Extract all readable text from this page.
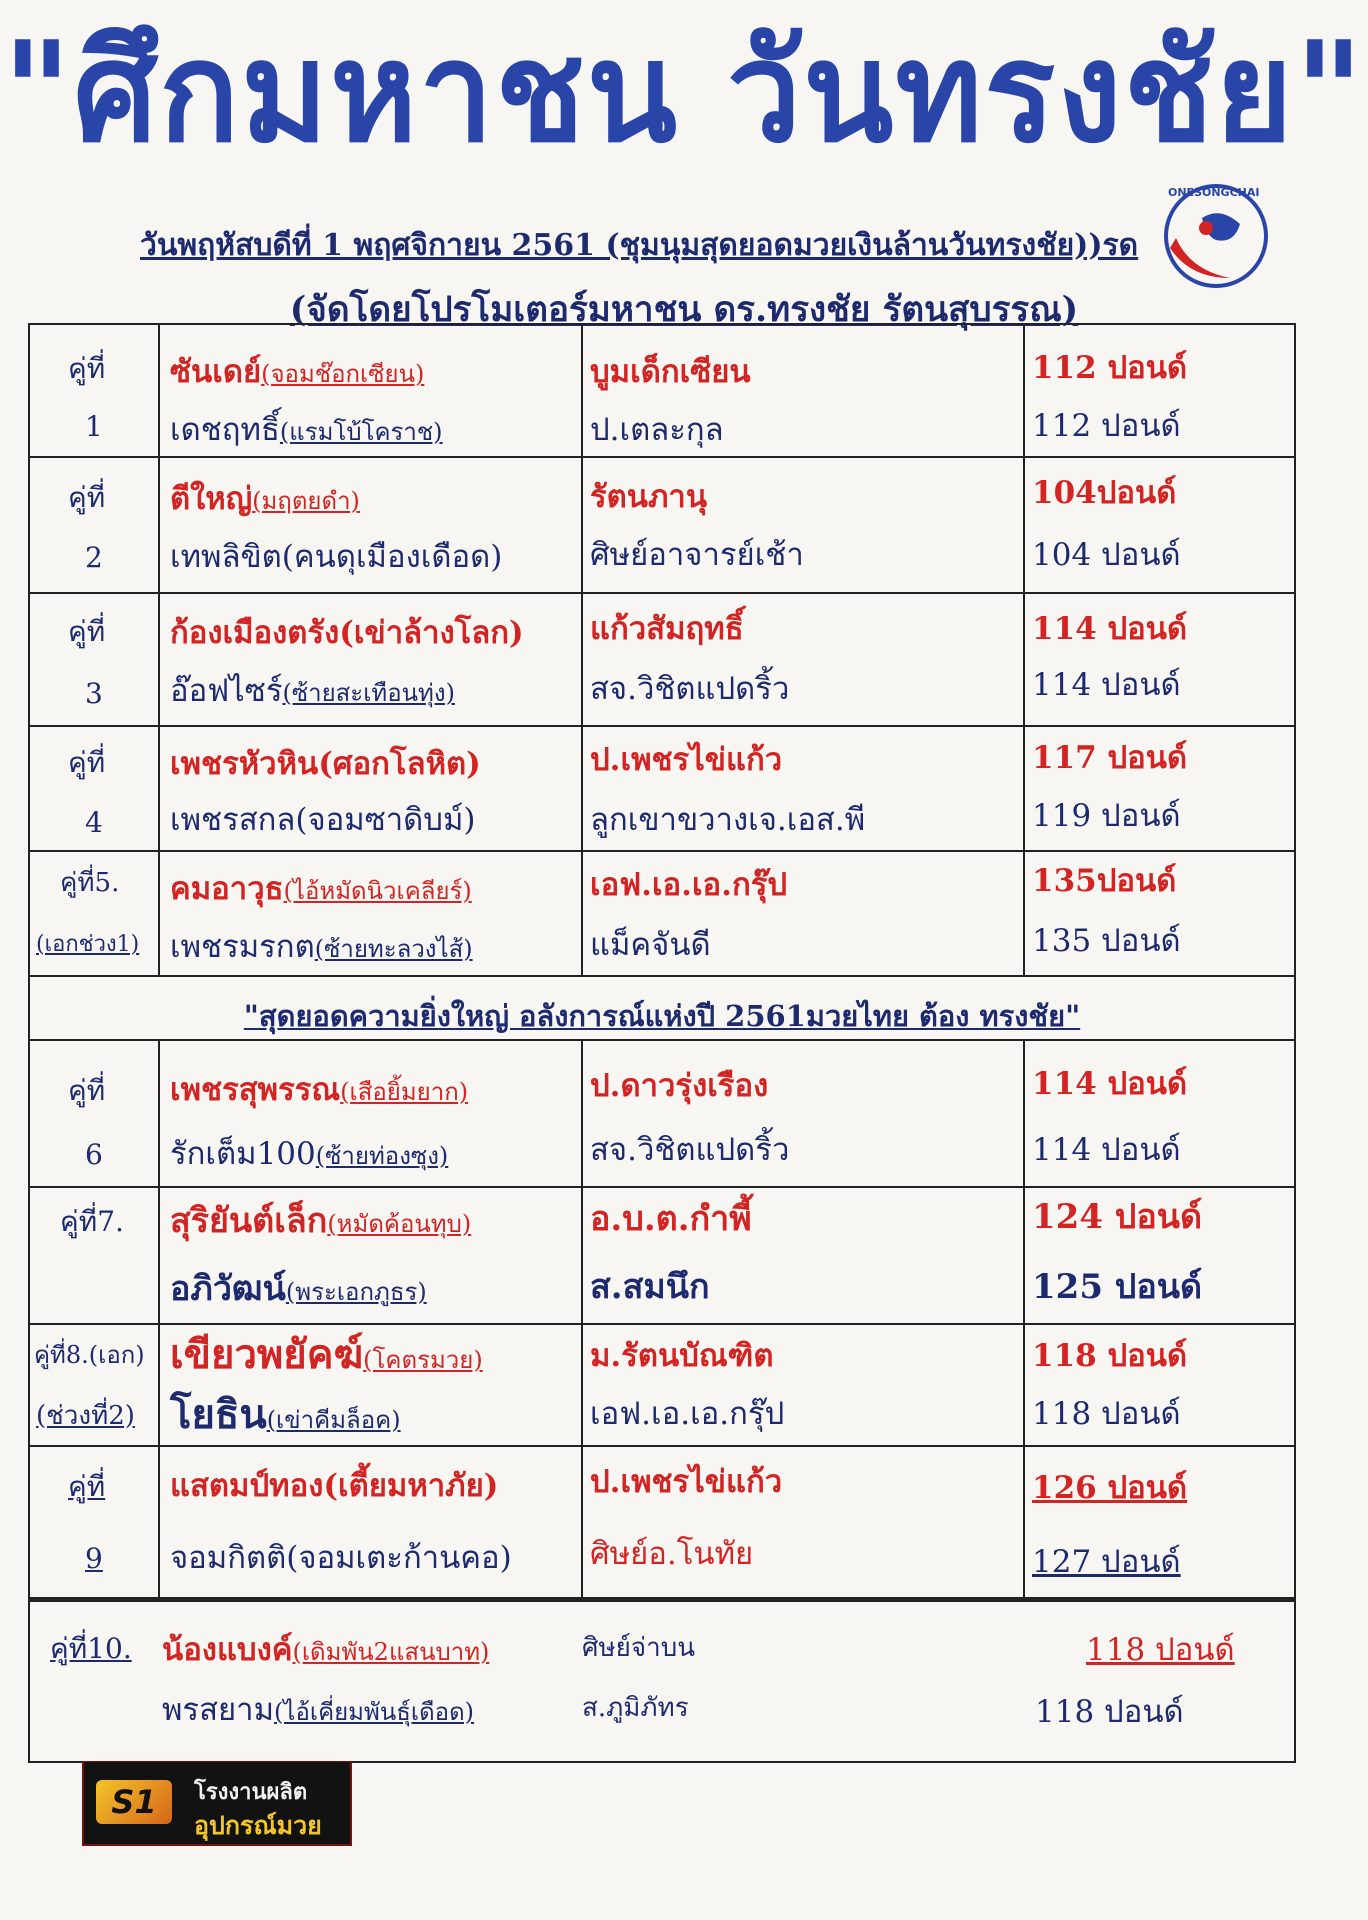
"ศึกมหาชน วันทรงชัย"
วันพฤหัสบดีที่ 1 พฤศจิกายน 2561 (ชุมนุมสุดยอดมวยเงินล้านวันทรงชัย))รด
ONESONGCHAI
(จัดโดยโปรโมเตอร์มหาชน ดร.ทรงชัย รัตนสุบรรณ)
คู่ที่
1
ซันเดย์(จอมช๊อกเซียน)
เดชฤทธิ์(แรมโบ้โคราช)
บูมเด็กเซียน
ป.เตละกุล
112 ปอนด์
112 ปอนด์
คู่ที่
2
ตีใหญ่(มฤตยดำ)
เทพลิขิต(คนดุเมืองเดือด)
รัตนภานุ
ศิษย์อาจารย์เช้า
104ปอนด์
104 ปอนด์
คู่ที่
3
ก้องเมืองตรัง(เข่าล้างโลก)
อ๊อฟไซร์(ซ้ายสะเทือนทุ่ง)
แก้วสัมฤทธิ์
สจ.วิชิตแปดริ้ว
114 ปอนด์
114 ปอนด์
คู่ที่
4
เพชรหัวหิน(ศอกโลหิต)
เพชรสกล(จอมซาดิบม์)
ป.เพชรไข่แก้ว
ลูกเขาขวางเจ.เอส.พี
117 ปอนด์
119 ปอนด์
คู่ที่5.
(เอกช่วง1)
คมอาวุธ(ไอ้หมัดนิวเคลียร์)
เพชรมรกต(ซ้ายทะลวงไส้)
เอฟ.เอ.เอ.กรุ๊ป
แม็คจันดี
135ปอนด์
135 ปอนด์
"สุดยอดความยิ่งใหญ่ อลังการณ์แห่งปี 2561มวยไทย ต้อง ทรงชัย"
คู่ที่
6
เพชรสุพรรณ(เสือยิ้มยาก)
รักเต็ม100(ซ้ายท่องซุง)
ป.ดาวรุ่งเรือง
สจ.วิชิตแปดริ้ว
114 ปอนด์
114 ปอนด์
คู่ที่7. สุริยันต์เล็ก(หมัดค้อนทุบ)
อภิวัฒน์(พระเอกภูธร)
อ.บ.ต.กำพี้
ส.สมนึก
124 ปอนด์
125 ปอนด์
คู่ที่8.(เอก)
(ช่วงที่2)
เขียวพยัคฆ์(โคตรมวย)
โยธิน(เข่าคีมล็อค)
ม.รัตนบัณฑิต
เอฟ.เอ.เอ.กรุ๊ป
118 ปอนด์
118 ปอนด์
คู่ที่
9
แสตมป์ทอง(เตี้ยมหาภัย)
จอมกิตติ(จอมเตะก้านคอ)
ป.เพชรไข่แก้ว
ศิษย์อ.โนทัย
126 ปอนด์
127 ปอนด์
คู่ที่10. น้องแบงค์(เดิมพัน2แสนบาท)
พรสยาม(ไอ้เคี่ยมพันธุ์เดือด)
ศิษย์จ่าบน
ส.ภูมิภัทร
118 ปอนด์
118 ปอนด์
S1	โรงงานผลิต
อุปกรณ์มวย
